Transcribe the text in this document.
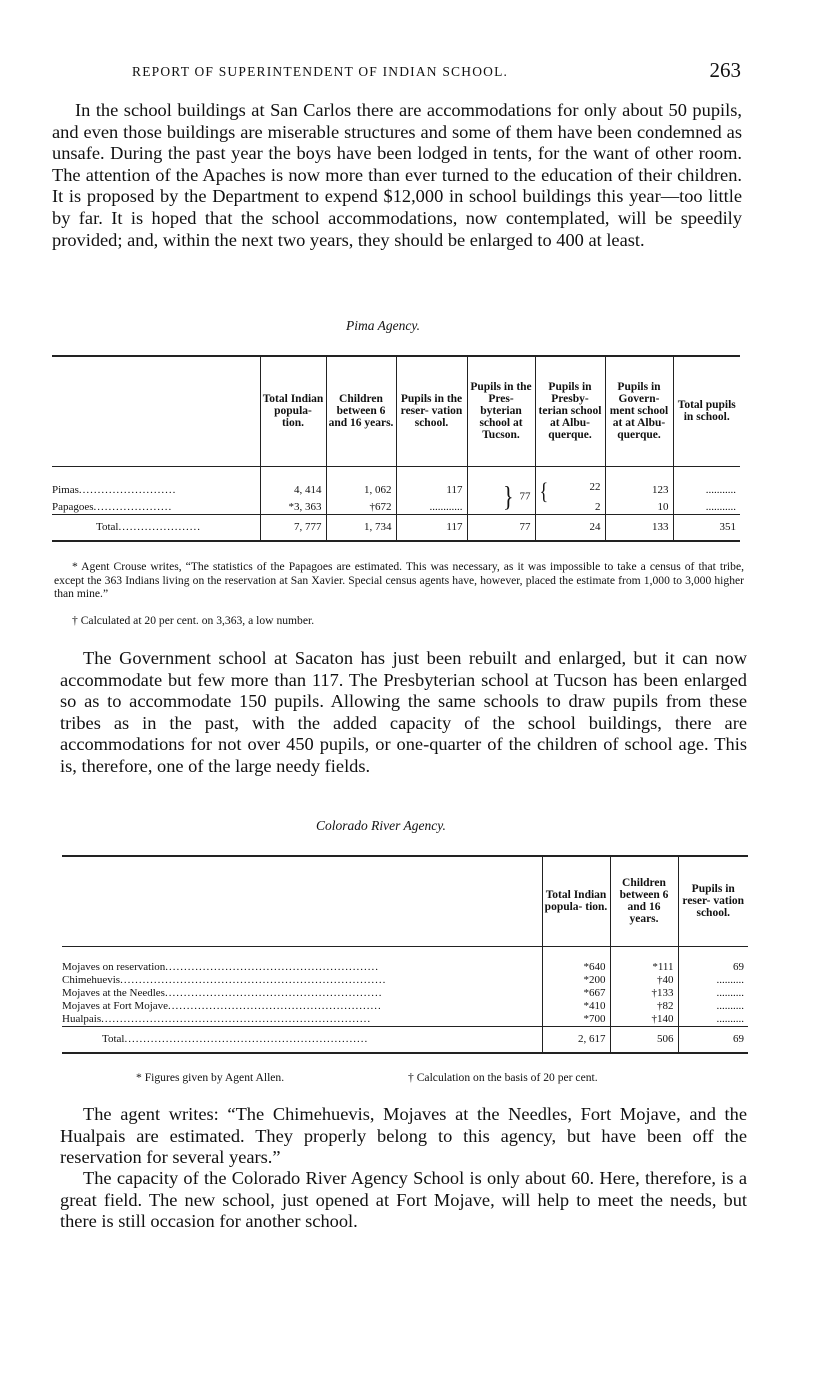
REPORT OF SUPERINTENDENT OF INDIAN SCHOOL.	263

In the school buildings at San Carlos there are accommodations for only about 50 pupils, and even those buildings are miserable structures and some of them have been condemned as unsafe. During the past year the boys have been lodged in tents, for the want of other room. The attention of the Apaches is now more than ever turned to the education of their children. It is proposed by the Department to expend $12,000 in school buildings this year—too little by far. It is hoped that the school accommodations, now contemplated, will be speedily provided; and, within the next two years, they should be enlarged to 400 at least.

Pima Agency.
	Total Indian popula- tion.	Children between 6 and 16 years.	Pupils in the reser- vation school.	Pupils in the Pres- byterian school at Tucson.	Pupils in Presby- terian school at Albu- querque.	Pupils in Govern- ment school at at Albu- querque.	Total pupils in school.
Pimas..........................	4, 414	1, 062	117	} 77	{ 22	123	...........
Papagoes.....................	*3, 363	†672	............		2	10	...........
Total......................	7, 777	1, 734	117	77	24	133	351

* Agent Crouse writes, “The statistics of the Papagoes are estimated. This was necessary, as it was impossible to take a census of that tribe, except the 363 Indians living on the reservation at San Xavier. Special census agents have, however, placed the estimate from 1,000 to 3,000 higher than mine.”

† Calculated at 20 per cent. on 3,363, a low number.

The Government school at Sacaton has just been rebuilt and enlarged, but it can now accommodate but few more than 117. The Presbyterian school at Tucson has been enlarged so as to accommodate 150 pupils. Allowing the same schools to draw pupils from these tribes as in the past, with the added capacity of the school buildings, there are accommodations for not over 450 pupils, or one-quarter of the children of school age. This is, therefore, one of the large needy fields.

Colorado River Agency.
	Total Indian popula- tion.	Children between 6 and 16 years.	Pupils in reser- vation school.
Mojaves on reservation.........................................................	*640	*111	69
Chimehuevis.......................................................................	*200	†40	..........
Mojaves at the Needles..........................................................	*667	†133	..........
Mojaves at Fort Mojave.........................................................	*410	†82	..........
Hualpais........................................................................	*700	†140	..........
Total.................................................................	2, 617	506	69

* Figures given by Agent Allen.	† Calculation on the basis of 20 per cent.

The agent writes: “The Chimehuevis, Mojaves at the Needles, Fort Mojave, and the Hualpais are estimated. They properly belong to this agency, but have been off the reservation for several years.”

The capacity of the Colorado River Agency School is only about 60. Here, therefore, is a great field. The new school, just opened at Fort Mojave, will help to meet the needs, but there is still occasion for another school.
